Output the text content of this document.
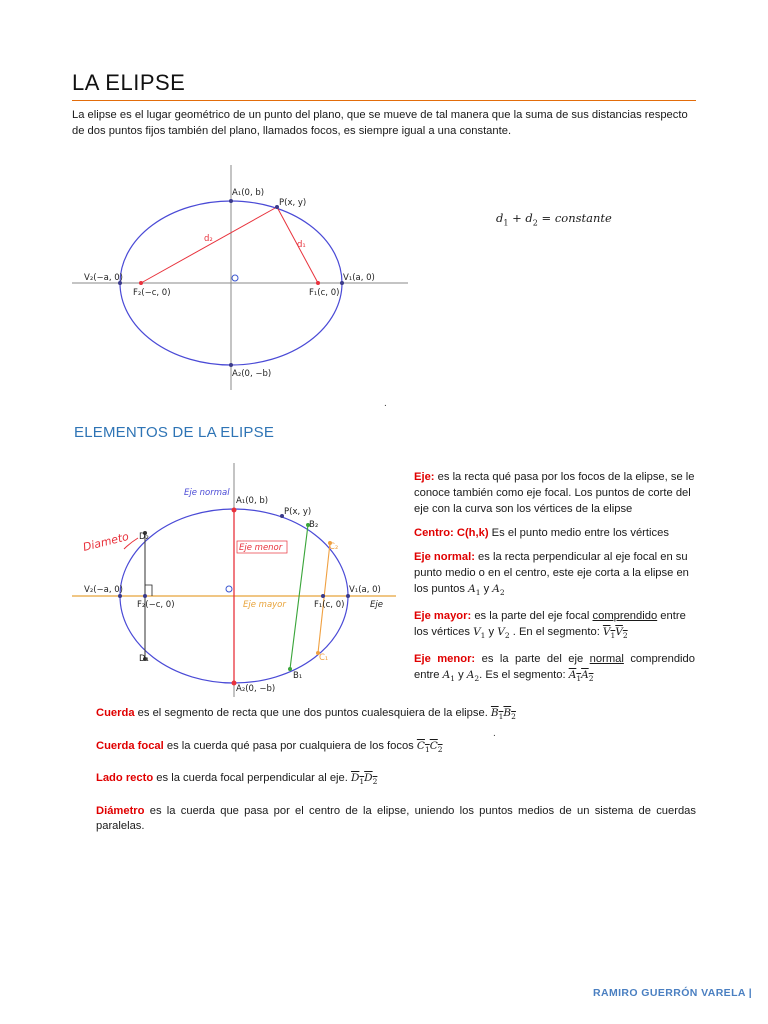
LA ELIPSE

La elipse es el lugar geométrico de un punto del plano, que se mueve de tal manera que la suma de sus distancias respecto de dos puntos fijos también del plano, llamados focos, es siempre igual a una constante.

A₁(0, b)
P(x, y)
d₂
d₁
V₂(−a, 0)	V₁(a, 0)
F₂(−c, 0)	F₁(c, 0)
A₂(0, −b)
$d_1 + d_2$ = constante
.
ELEMENTOS DE LA ELIPSE
Eje normal
A₁(0, b)
P(x, y)
B₂
C₂
Diameto D₂
Eje menor
V₂(−a, 0)	V₁(a, 0)
F₂(−c, 0)	F₁(c, 0)
Eje mayor	Eje
D₁	C₁
B₁
A₂(0, −b)

Eje: es la recta qué pasa por los focos de la elipse, se le conoce también como eje focal. Los puntos de corte del eje con la curva son los vértices de la elipse

Centro: C(h,k) Es el punto medio entre los vértices

Eje normal: es la recta perpendicular al eje focal en su punto medio o en el centro, este eje corta a la elipse en los puntos $A_1$ y $A_2$

Eje mayor: es la parte del eje focal comprendido entre los vértices $V_1$ y $V_2$ . En el segmento: $V_1V_2$

Eje menor: es la parte del eje normal comprendido entre $A_1$ y $A_2$. Es el segmento: $A_1A_2$

Cuerda es el segmento de recta que une dos puntos cualesquiera de la elipse. $B_1B_2$

Cuerda focal es la cuerda qué pasa por cualquiera de los focos $C_1C_2$

Lado recto es la cuerda focal perpendicular al eje. $D_1D_2$

Diámetro es la cuerda que pasa por el centro de la elipse, uniendo los puntos medios de un sistema de cuerdas paralelas.

.
RAMIRO GUERRÓN VARELA |
